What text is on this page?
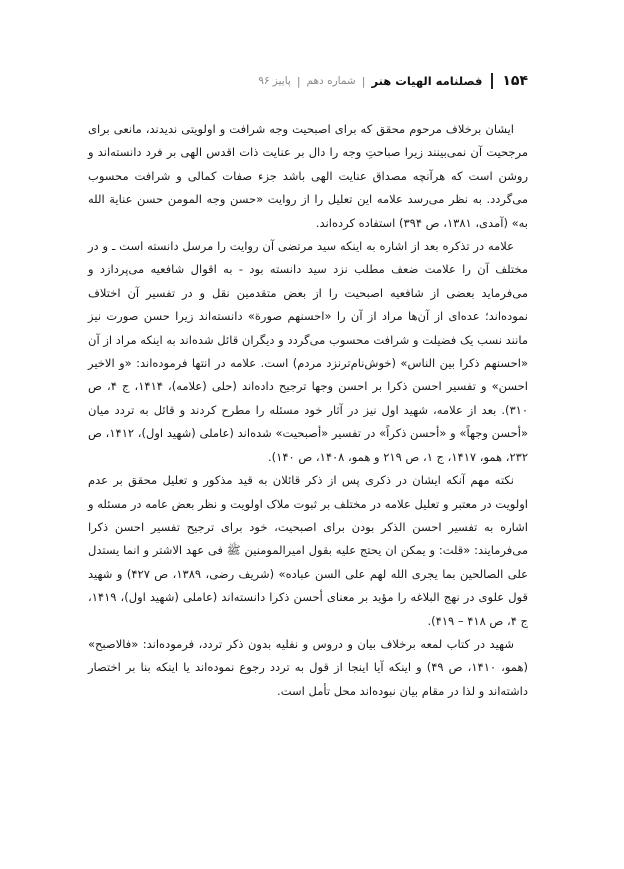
۱۵۴
فصلنامه الهیات هنر
|
شماره دهم
|
پاییز ۹۶

ایشان برخلاف مرحوم محقق که برای اصبحیت وجه شرافت و اولویتی ندیدند، مانعی برای مرجحیت آن نمی‌بینند زیرا صباحتِ وجه را دال بر عنایت ذات اقدس الهی بر فرد دانسته‌اند و روشن است که هرآنچه مصداق عنایت الهی باشد جزء صفات کمالی و شرافت محسوب می‌گردد. به نظر می‌رسد علامه این تعلیل را از روایت «حسن وجه المومن حسن عنایة الله به» (آمدی، ۱۳۸۱، ص ۳۹۴) استفاده کرده‌اند.

علامه در تذکره بعد از اشاره به اینکه سید مرتضی آن روایت را مرسل دانسته است ـ و در مختلف آن را علامت ضعف مطلب نزد سید دانسته بود - به اقوال شافعیه می‌پردازد و می‌فرماید بعضی از شافعیه اصبحیت را از بعض متقدمین نقل و در تفسیر آن اختلاف نموده‌اند؛ عده‌ای از آن‌ها مراد از آن را «احسنهم صورة» دانسته‌اند زیرا حسن صورت نیز مانند نسب یک فضیلت و شرافت محسوب می‌گردد و دیگران قائل شده‌اند به اینکه مراد از آن «احسنهم ذکرا بین الناس» (خوش‌نام‌ترنزد مردم) است. علامه در انتها فرموده‌اند: «و الاخیر احسن» و تفسیر احسن ذکرا بر احسن وجها ترجیح داده‌اند (حلی (علامه)، ۱۴۱۴، ج ۴، ص ۳۱۰). بعد از علامه، شهید اول نیز در آثار خود مسئله را مطرح کردند و قائل به تردد میان «أحسن وجهاً» و «أحسن ذکراً» در تفسیر «أصبحیت» شده‌اند (عاملی (شهید اول)، ۱۴۱۲، ص ۲۳۲، همو، ۱۴۱۷، ج ۱، ص ۲۱۹ و همو، ۱۴۰۸، ص ۱۴۰).

نکته مهم آنکه ایشان در ذکری پس از ذکر قائلان به قید مذکور و تعلیل محقق بر عدم اولویت در معتبر و تعلیل علامه در مختلف بر ثبوت ملاک اولویت و نظر بعض عامه در مسئله و اشاره به تفسیر احسن الذکر بودن برای اصبحیت، خود برای ترجیح تفسیر احسن ذکرا می‌فرمایند: «قلت: و یمکن ان یحتج علیه بقول امیرالمومنین ﷺ فی عهد الاشتر و انما یستدل علی الصالحین بما یجری الله لهم علی السن عباده» (شریف رضی، ۱۳۸۹، ص ۴۲۷) و شهید قول علوی در نهج البلاغه را مؤید بر معنای أحسن ذکرا دانسته‌اند (عاملی (شهید اول)، ۱۴۱۹، ج ۴، ص ۴۱۸ – ۴۱۹).

شهید در کتاب لمعه برخلاف بیان و دروس و نفلیه بدون ذکر تردد، فرموده‌اند: «فالاصبح» (همو، ۱۴۱۰، ص ۴۹) و اینکه آیا اینجا از قول به تردد رجوع نموده‌اند یا اینکه بنا بر اختصار داشته‌اند و لذا در مقام بیان نبوده‌اند محل تأمل است.
